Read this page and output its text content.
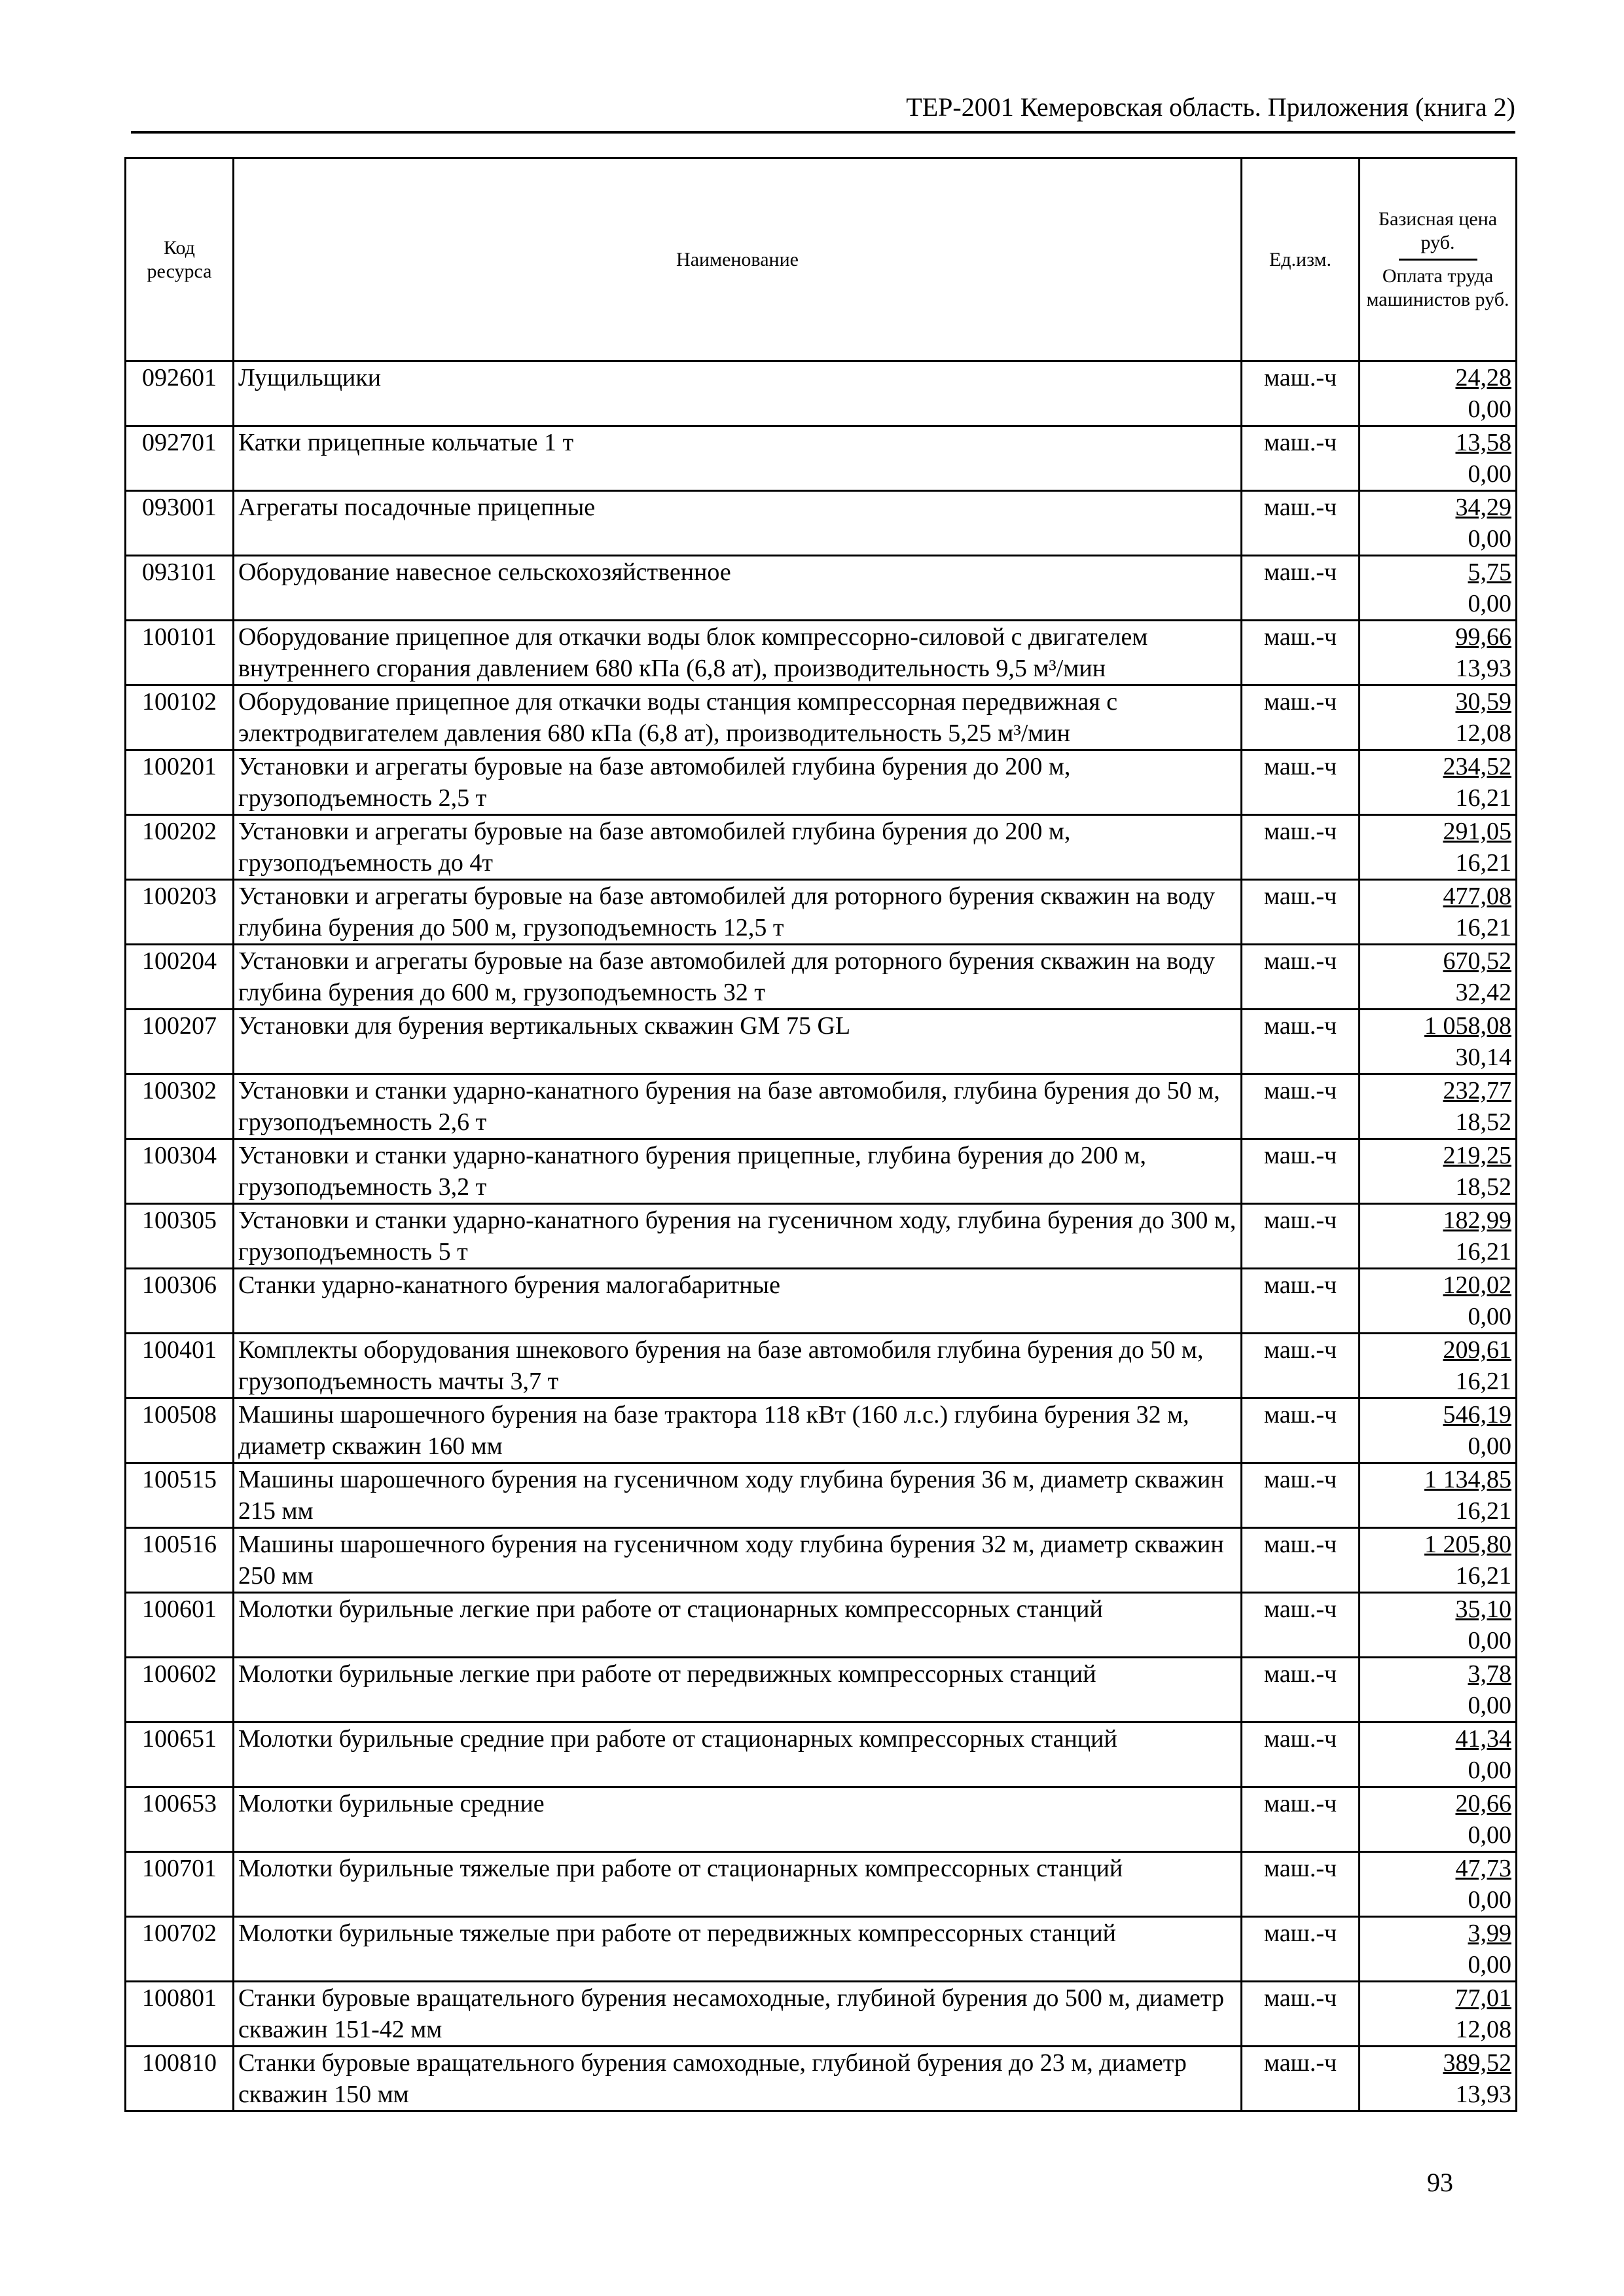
ТЕР-2001 Кемеровская область. Приложения (книга 2)
Код ресурса	Наименование	Ед.изм.	Базисная цена руб.
Оплата труда машинистов руб.

092601	Лущильщики	маш.-ч	24,28
0,00

092701	Катки прицепные кольчатые 1 т	маш.-ч	13,58
0,00

093001	Агрегаты посадочные прицепные	маш.-ч	34,29
0,00

093101	Оборудование навесное сельскохозяйственное	маш.-ч	5,75
0,00

100101	Оборудование прицепное для откачки воды блок компрессорно-силовой с двигателем внутреннего сгорания давлением 680 кПа (6,8 ат), производительность 9,5 м³/мин	маш.-ч	99,66
13,93

100102	Оборудование прицепное для откачки воды станция компрессорная передвижная с электродвигателем давления 680 кПа (6,8 ат), производительность 5,25 м³/мин	маш.-ч	30,59
12,08

100201	Установки и агрегаты буровые на базе автомобилей глубина бурения до 200 м, грузоподъемность 2,5 т	маш.-ч	234,52
16,21

100202	Установки и агрегаты буровые на базе автомобилей глубина бурения до 200 м, грузоподъемность до 4т	маш.-ч	291,05
16,21

100203	Установки и агрегаты буровые на базе автомобилей для роторного бурения скважин на воду глубина бурения до 500 м, грузоподъемность 12,5 т	маш.-ч	477,08
16,21

100204	Установки и агрегаты буровые на базе автомобилей для роторного бурения скважин на воду глубина бурения до 600 м, грузоподъемность 32 т	маш.-ч	670,52
32,42

100207	Установки для бурения вертикальных скважин GM 75 GL	маш.-ч	1 058,08
30,14

100302	Установки и станки ударно-канатного бурения на базе автомобиля, глубина бурения до 50 м, грузоподъемность 2,6 т	маш.-ч	232,77
18,52

100304	Установки и станки ударно-канатного бурения прицепные, глубина бурения до 200 м, грузоподъемность 3,2 т	маш.-ч	219,25
18,52

100305	Установки и станки ударно-канатного бурения на гусеничном ходу, глубина бурения до 300 м, грузоподъемность 5 т	маш.-ч	182,99
16,21

100306	Станки ударно-канатного бурения малогабаритные	маш.-ч	120,02
0,00

100401	Комплекты оборудования шнекового бурения на базе автомобиля глубина бурения до 50 м, грузоподъемность мачты 3,7 т	маш.-ч	209,61
16,21

100508	Машины шарошечного бурения на базе трактора 118 кВт (160 л.с.) глубина бурения 32 м, диаметр скважин 160 мм	маш.-ч	546,19
0,00

100515	Машины шарошечного бурения на гусеничном ходу глубина бурения 36 м, диаметр скважин 215 мм	маш.-ч	1 134,85
16,21

100516	Машины шарошечного бурения на гусеничном ходу глубина бурения 32 м, диаметр скважин 250 мм	маш.-ч	1 205,80
16,21

100601	Молотки бурильные легкие при работе от стационарных компрессорных станций	маш.-ч	35,10
0,00

100602	Молотки бурильные легкие при работе от передвижных компрессорных станций	маш.-ч	3,78
0,00

100651	Молотки бурильные средние при работе от стационарных компрессорных станций	маш.-ч	41,34
0,00

100653	Молотки бурильные средние	маш.-ч	20,66
0,00

100701	Молотки бурильные тяжелые при работе от стационарных компрессорных станций	маш.-ч	47,73
0,00

100702	Молотки бурильные тяжелые при работе от передвижных компрессорных станций	маш.-ч	3,99
0,00

100801	Станки буровые вращательного бурения несамоходные, глубиной бурения до 500 м, диаметр скважин 151-42 мм	маш.-ч	77,01
12,08

100810	Станки буровые вращательного бурения самоходные, глубиной бурения до 23 м, диаметр скважин 150 мм	маш.-ч	389,52
13,93
93
